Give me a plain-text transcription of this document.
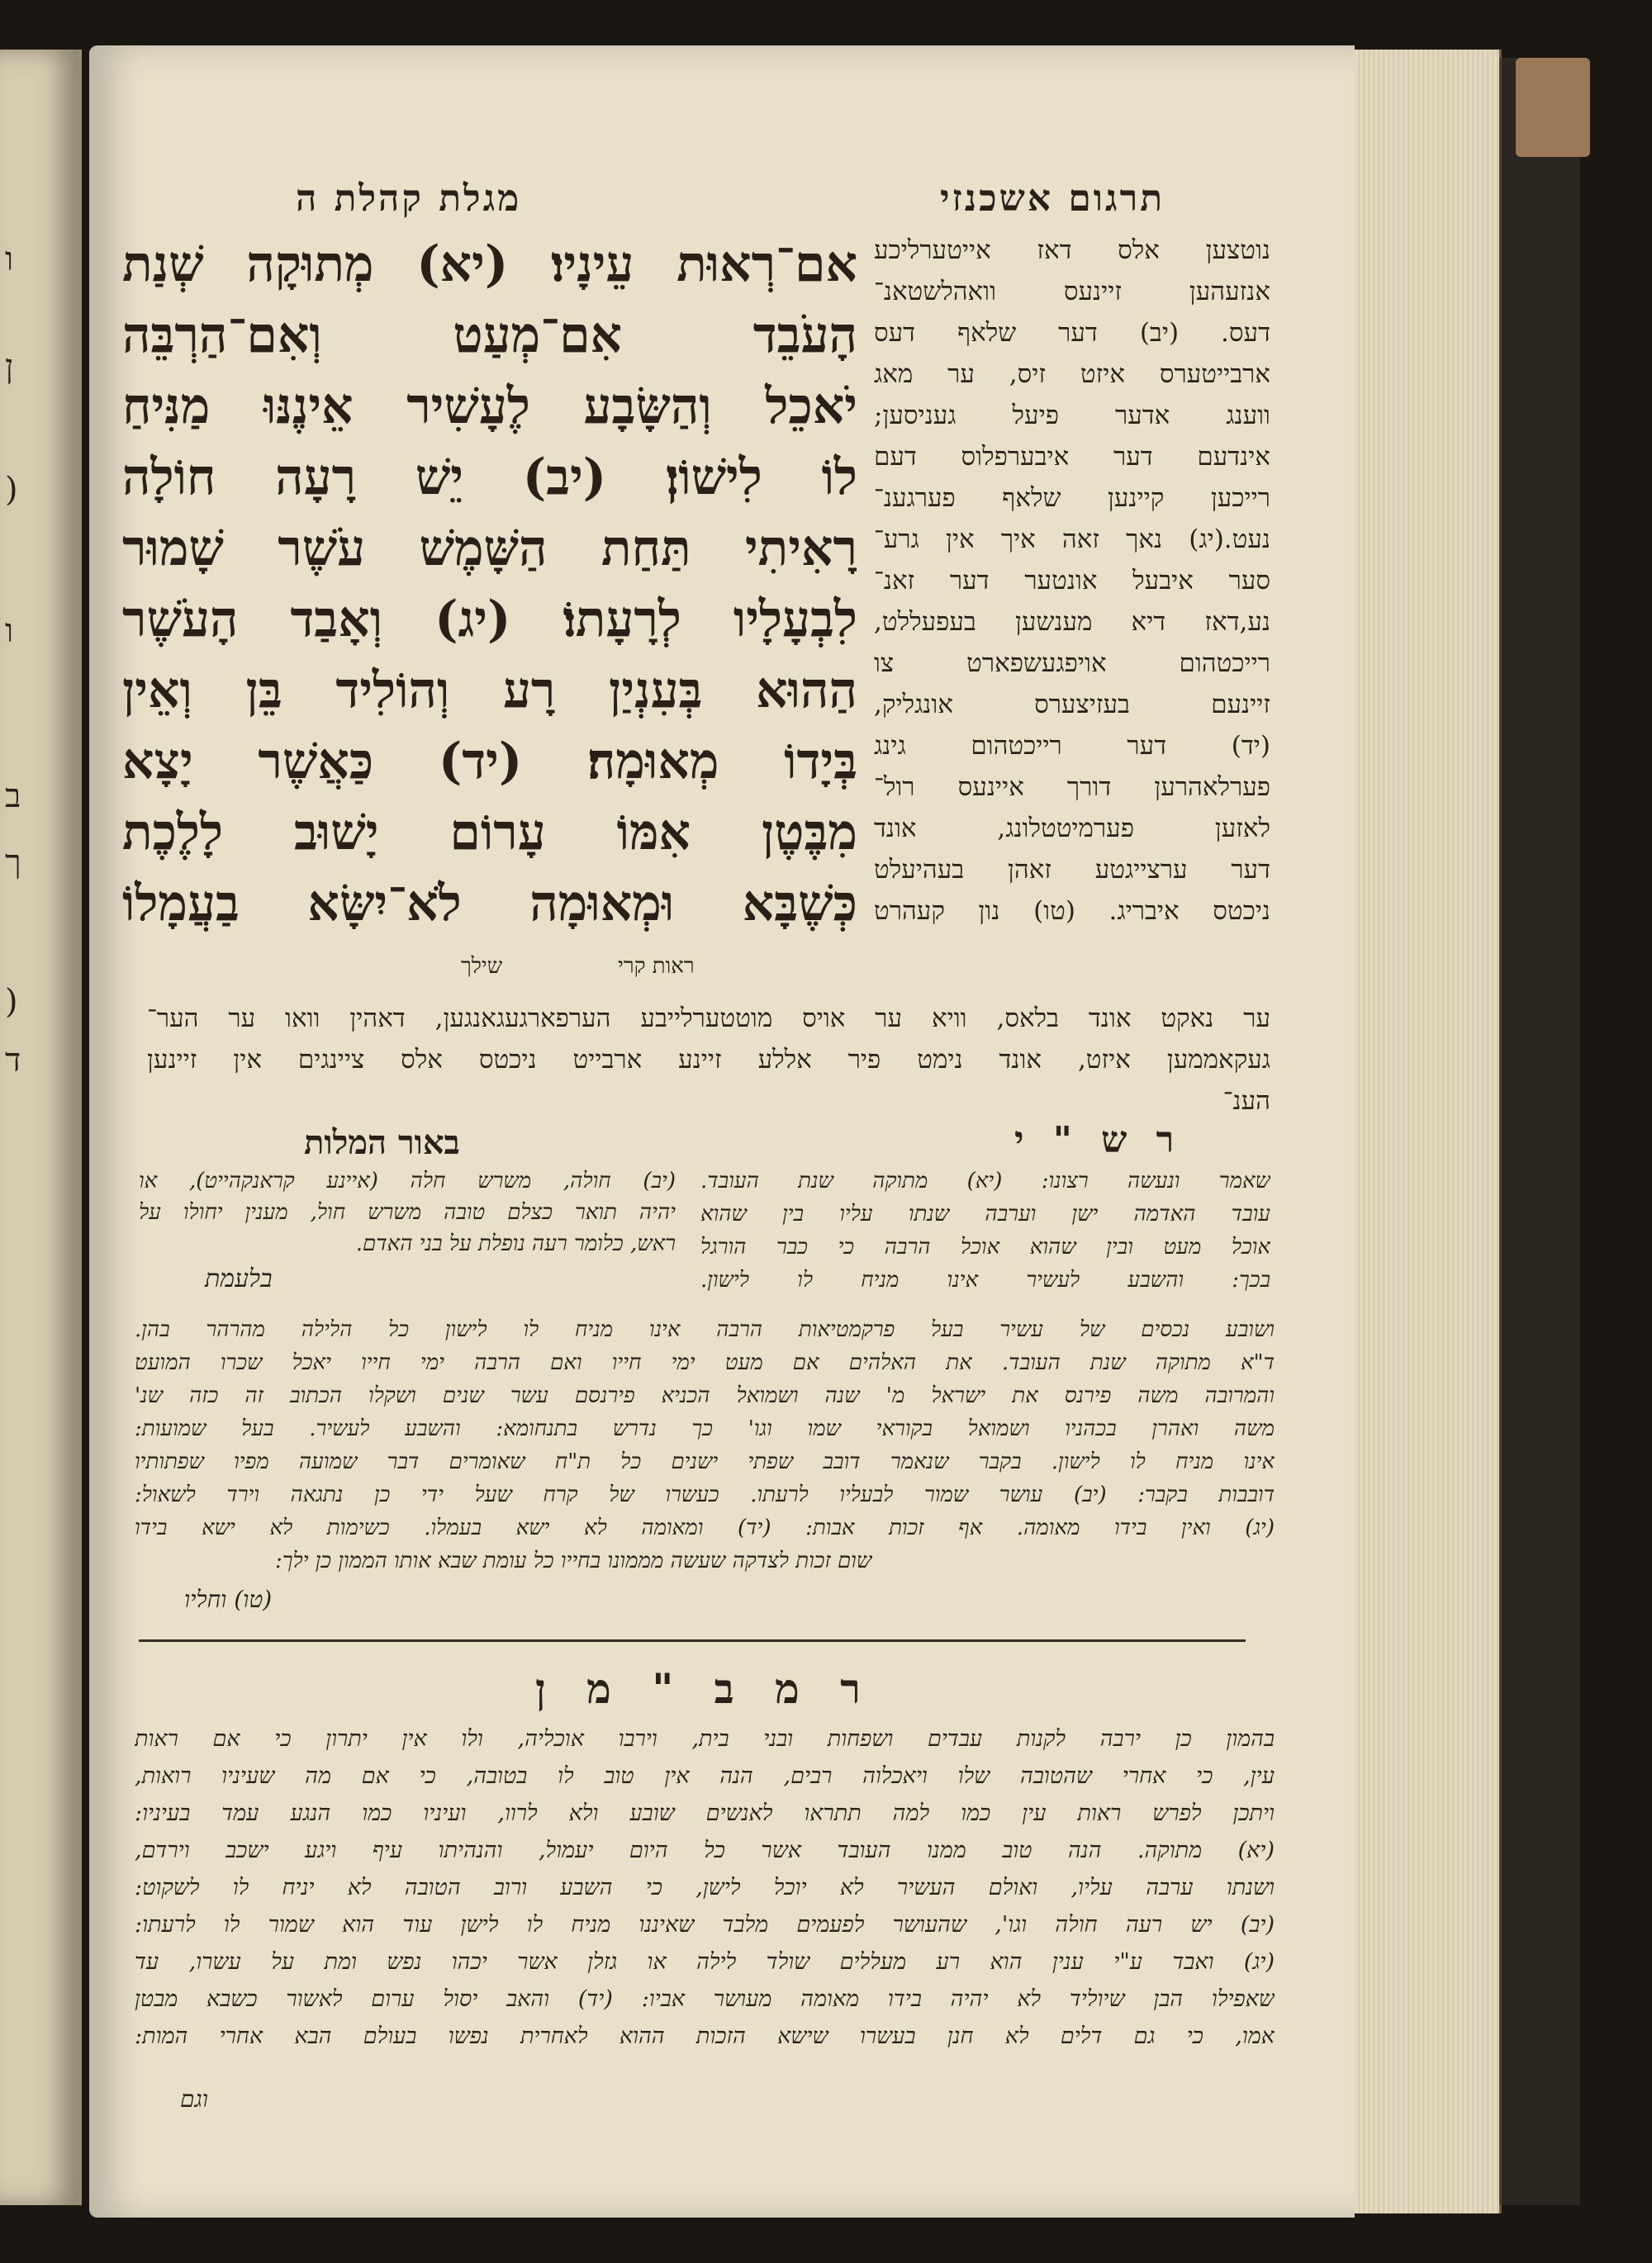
ו
(
ן
ו
ב
ך
(
ד
מגלת קהלת ה	תרגום אשכנזי
אם־רְאוּת עֵינָיו׃ (יא) מְתוּקָה שְׁנַת
הָעֹבֵד אִם־מְעַט וְאִם־הַרְבֵּה
יֹאכֵל וְהַשָּׂבָע לֶעָשִׁיר אֵינֶנּוּ מַנִּיחַ
לוֹ לִישׁוֹן׃ (יב) יֵשׁ רָעָה חוֹלָה
רָאִיתִי תַּחַת הַשָּׁמֶשׁ עֹשֶׁר שָׁמוּר
לִבְעָלָיו לְרָעָתוֹ׃ (יג) וְאָבַד הָעֹשֶׁר
הַהוּא בְּעִנְיַן רָע וְהוֹלִיד בֵּן וְאֵין
בְּיָדוֹ מְאוּמָה׃ (יד) כַּאֲשֶׁר יָצָא
מִבֶּטֶן אִמּוֹ עָרוֹם יָשׁוּב לָלֶכֶת
כְּשֶׁבָּא וּמְאוּמָה לֹא־יִשָּׂא בַעֲמָלוֹ
ראות קרי
שילך
נוטצען אלס דאז אייטערליכע
אנזעהען זיינעס וואהלשטאנ־
דעס. (יב) דער שלאף דעס
ארבייטערס איזט זיס, ער מאג
ווענג אדער פיעל געניסען;
אינדעם דער איבערפלוס דעם
רייכען קיינען שלאף פערגענ־
נעט.(יג) נאך זאה איך אין גרע־
סער איבעל אונטער דער זאנ־
נע,דאז דיא מענשען בעפעללט,
רייכטהום אויפגעשפארט צו
זיינעם בעזיצערס אונגליק,
(יד) דער רייכטהום גינג
פערלאהרען דורך איינעס רול־
לאזען פערמיטטלונג, אונד
דער ערצייגטע זאהן בעהיעלט
ניכטס איבריג. (טו) נון קעהרט
ער נאקט אונד בלאס, וויא ער אויס מוטטערלייבע הערפארגעגאנגען, דאהין וואו ער הער־
געקאממען איזט, אונד נימט פיר אללע זיינע ארבייט ניכטס אלס ציינגים אין זיינען
הענ־
ר ש " י
באור המלות
(יב) חולה, משרש חלה (איינע קראנקהייט), או
יהיה תואר כצלם טובה משרש חול, מענין יחולו על
ראש, כלומר רעה נופלת על בני האדם.
בלעמת
שאמר ונעשה רצונו: (יא) מתוקה שנת העובד.
עובד האדמה ישן וערבה שנתו עליו בין שהוא
אוכל מעט ובין שהוא אוכל הרבה כי כבר הורגל
בכך: והשבע לעשיר אינו מניח לו לישון.
ושובע נכסים של עשיר בעל פרקמטיאות הרבה אינו מניח לו לישון כל הלילה מהרהר בהן.
ד"א מתוקה שנת העובד. את האלהים אם מעט ימי חייו ואם הרבה ימי חייו יאכל שכרו המועט
והמרובה משה פירנס את ישראל מ' שנה ושמואל הכניא פירנסם עשר שנים ושקלו הכתוב זה כזה שנ'
משה ואהרן בכהניו ושמואל בקוראי שמו וגו' כך נדרש בתנחומא: והשבע לעשיר. בעל שמועות:
אינו מניח לו לישון. בקבר שנאמר דובב שפתי ישנים כל ת"ח שאומרים דבר שמועה מפיו שפתותיו
דובבות בקבר: (יב) עושר שמור לבעליו לרעתו. כעשרו של קרח שעל ידי כן נתגאה וירד לשאול:
(יג) ואין בידו מאומה. אף זכות אבות: (יד) ומאומה לא ישא בעמלו. כשימות לא ישא בידו
שום זכות לצדקה שעשה מממונו בחייו כל עומת שבא אותו הממון כן ילך:
(טו) וחליו
ר מ ב " מ ן
בהמון כן ירבה לקנות עבדים ושפחות ובני בית, וירבו אוכליה, ולו אין יתרון כי אם ראות
עין, כי אחרי שהטובה שלו ויאכלוה רבים, הנה אין טוב לו בטובה, כי אם מה שעיניו רואות,
ויתכן לפרש ראות עין כמו למה תתראו לאנשים שובע ולא לרוו, ועיניו כמו הנגע עמד בעיניו:
(יא) מתוקה. הנה טוב ממנו העובד אשר כל היום יעמול, והנהיתו עיף ויגע ישכב וירדם,
ושנתו ערבה עליו, ואולם העשיר לא יוכל לישן, כי השבע ורוב הטובה לא יניח לו לשקוט:
(יב) יש רעה חולה וגו', שהעושר לפעמים מלבד שאיננו מניח לו לישן עוד הוא שמור לו לרעתו:
(יג) ואבד ע"י ענין הוא רע מעללים שולד לילה או גזלן אשר יכהו נפש ומת על עשרו, עד
שאפילו הבן שיוליד לא יהיה בידו מאומה מעושר אביו: (יד) והאב יסול ערום לאשור כשבא מבטן
אמו, כי גם דלים לא חנן בעשרו שישא הזכות ההוא לאחרית נפשו בעולם הבא אחרי המות:
וגם
